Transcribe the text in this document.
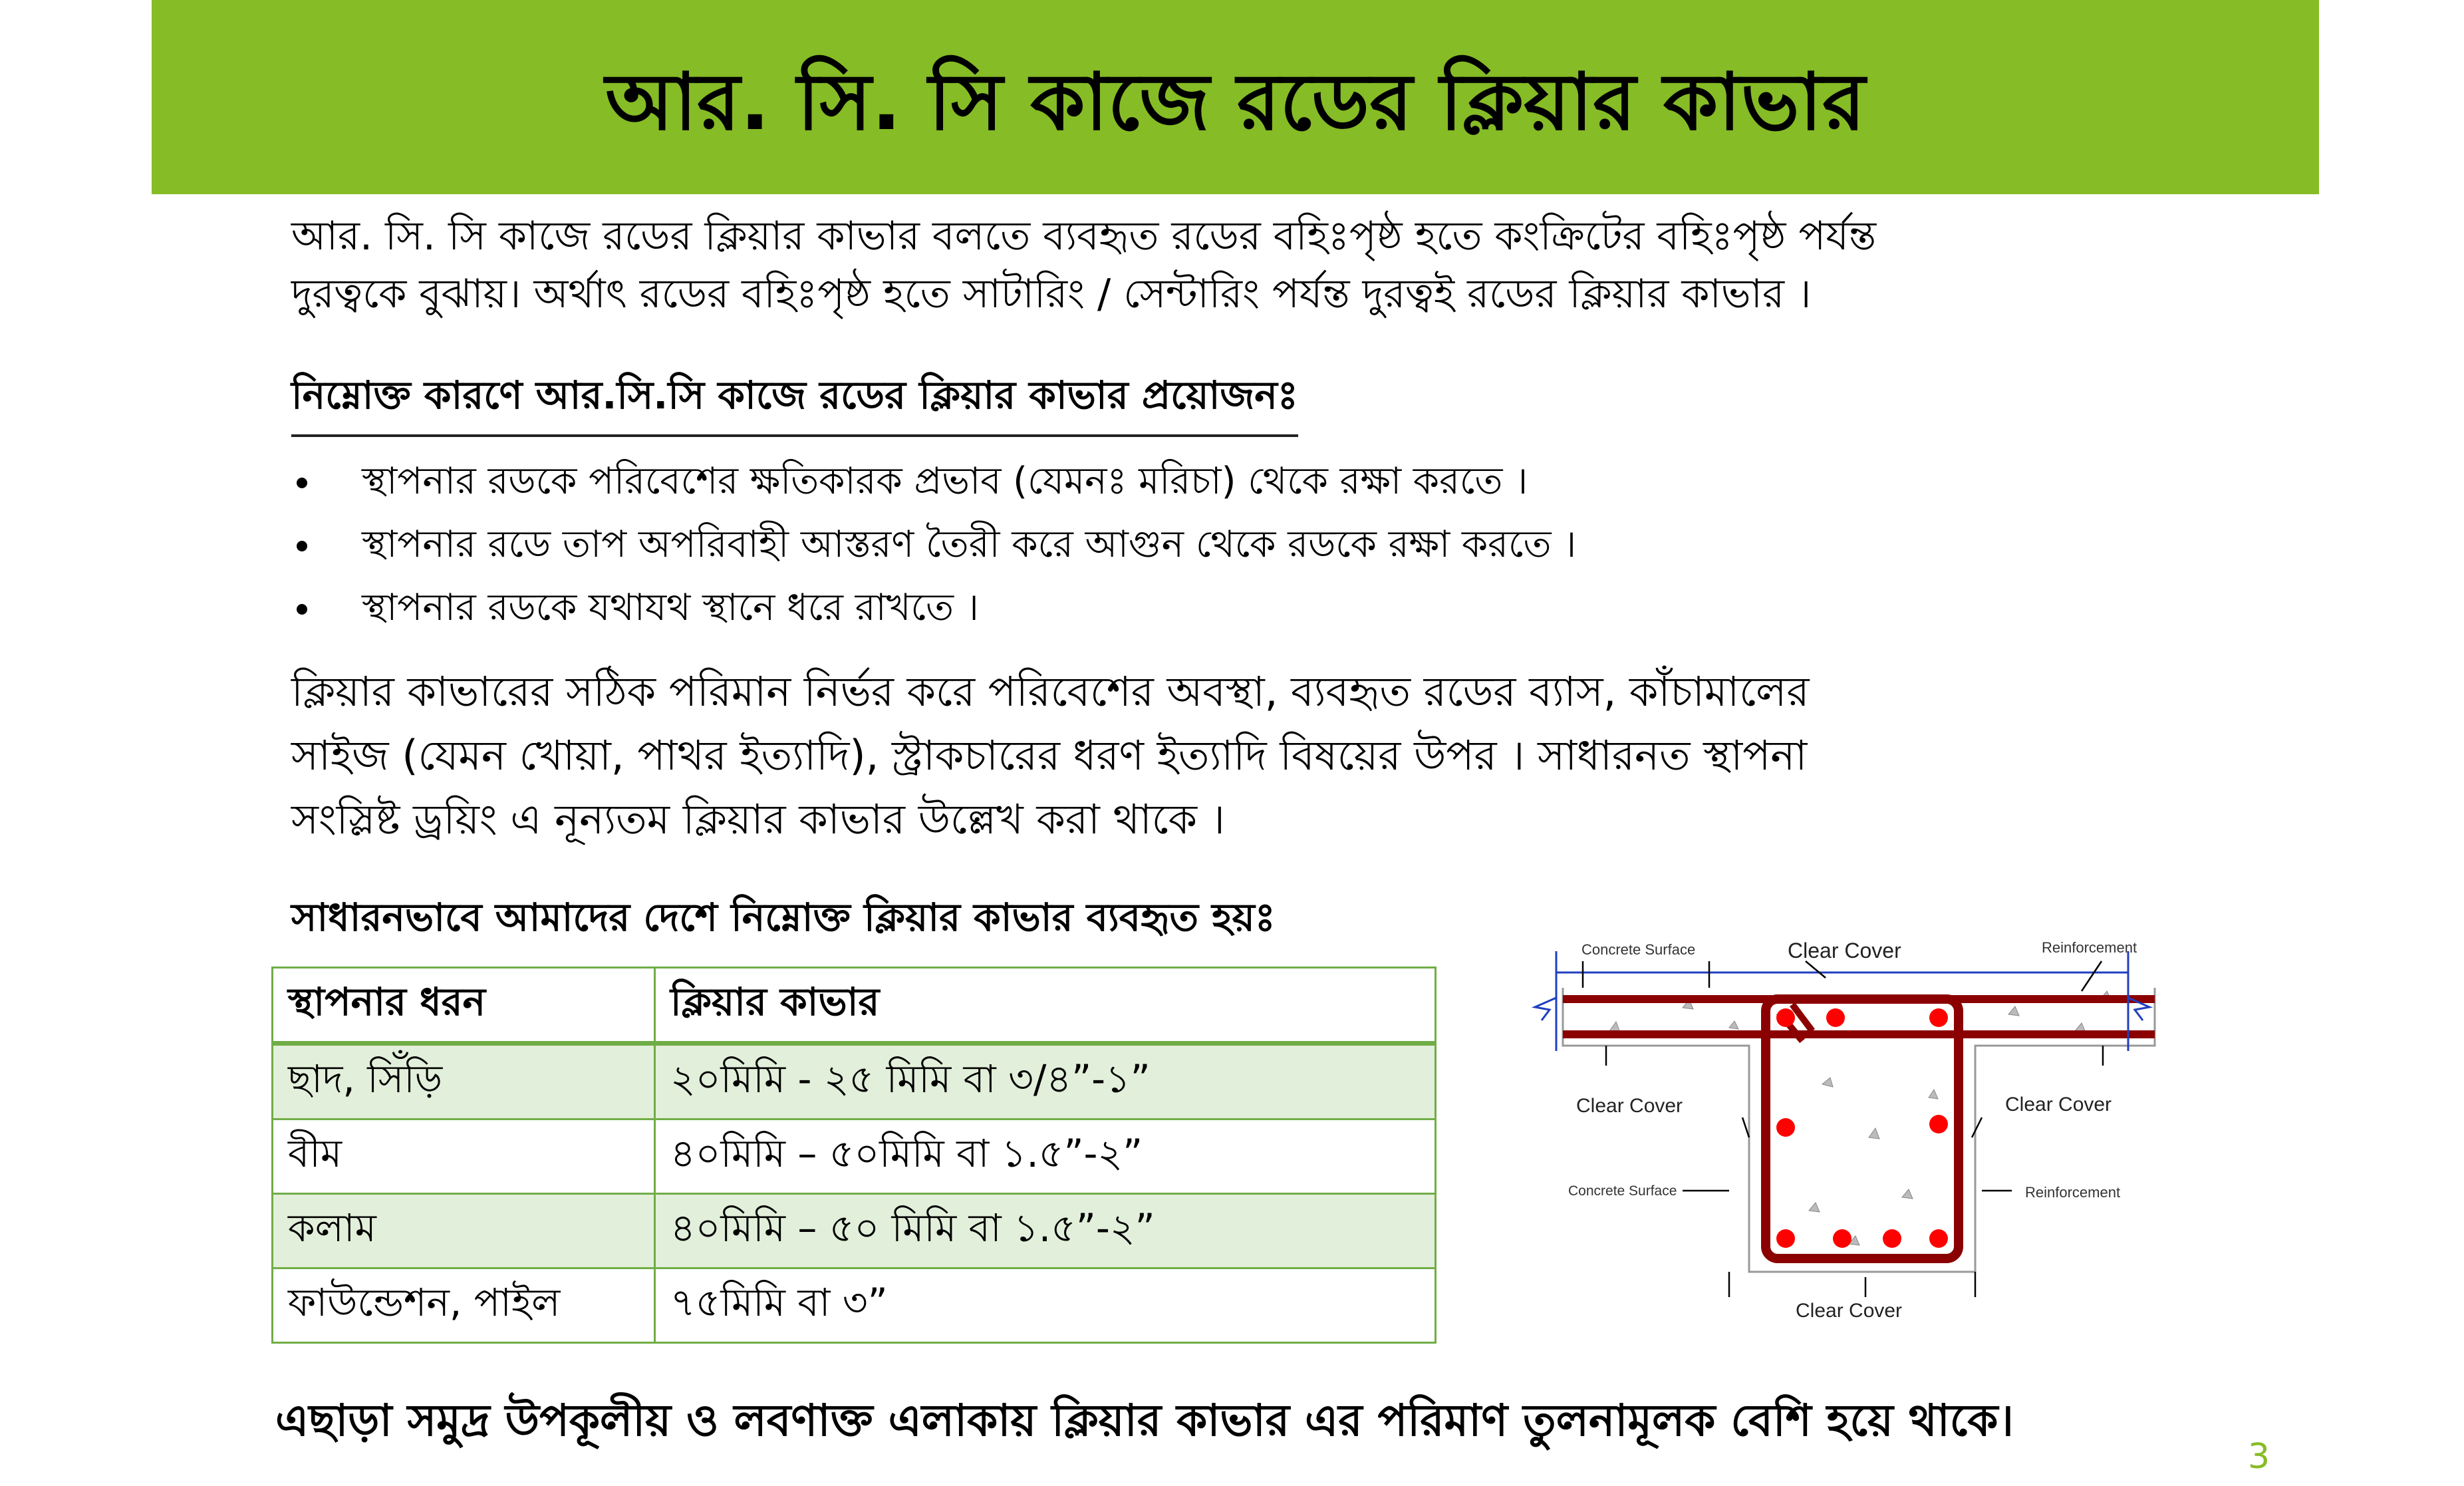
আর. সি. সি কাজে রডের ক্লিয়ার কাভার
আর. সি. সি কাজে রডের ক্লিয়ার কাভার বলতে ব্যবহৃত রডের বহিঃপৃষ্ঠ হতে কংক্রিটের বহিঃপৃষ্ঠ পর্যন্ত
দুরত্বকে বুঝায়। অর্থাৎ রডের বহিঃপৃষ্ঠ হতে সাটারিং / সেন্টারিং পর্যন্ত দুরত্বই রডের ক্লিয়ার কাভার ।
নিম্নোক্ত কারণে আর.সি.সি কাজে রডের ক্লিয়ার কাভার প্রয়োজনঃ
স্থাপনার রডকে পরিবেশের ক্ষতিকারক প্রভাব (যেমনঃ মরিচা) থেকে রক্ষা করতে ।
স্থাপনার রডে তাপ অপরিবাহী আস্তরণ তৈরী করে আগুন থেকে রডকে রক্ষা করতে ।
স্থাপনার রডকে যথাযথ স্থানে ধরে রাখতে ।
ক্লিয়ার কাভারের সঠিক পরিমান নির্ভর করে পরিবেশের অবস্থা, ব্যবহৃত রডের ব্যাস, কাঁচামালের
সাইজ (যেমন খোয়া, পাথর ইত্যাদি), স্ট্রাকচারের ধরণ ইত্যাদি বিষয়ের উপর । সাধারনত স্থাপনা
সংস্লিষ্ট ড্রয়িং এ নূন্যতম ক্লিয়ার কাভার উল্লেখ করা থাকে ।
সাধারনভাবে আমাদের দেশে নিম্নোক্ত ক্লিয়ার কাভার ব্যবহৃত হয়ঃ
স্থাপনার ধরন	ক্লিয়ার কাভার
ছাদ, সিঁড়ি	২০মিমি - ২৫ মিমি বা ৩/৪”-১”
বীম	৪০মিমি – ৫০মিমি বা ১.৫”-২”
কলাম	৪০মিমি – ৫০ মিমি বা ১.৫”-২”
ফাউন্ডেশন, পাইল	৭৫মিমি বা ৩”
Concrete Surface	Clear Cover	Reinforcement
Clear Cover	Clear Cover
Concrete Surface	Reinforcement
Clear Cover
এছাড়া সমুদ্র উপকূলীয় ও লবণাক্ত এলাকায় ক্লিয়ার কাভার এর পরিমাণ তুলনামূলক বেশি হয়ে থাকে।
3
